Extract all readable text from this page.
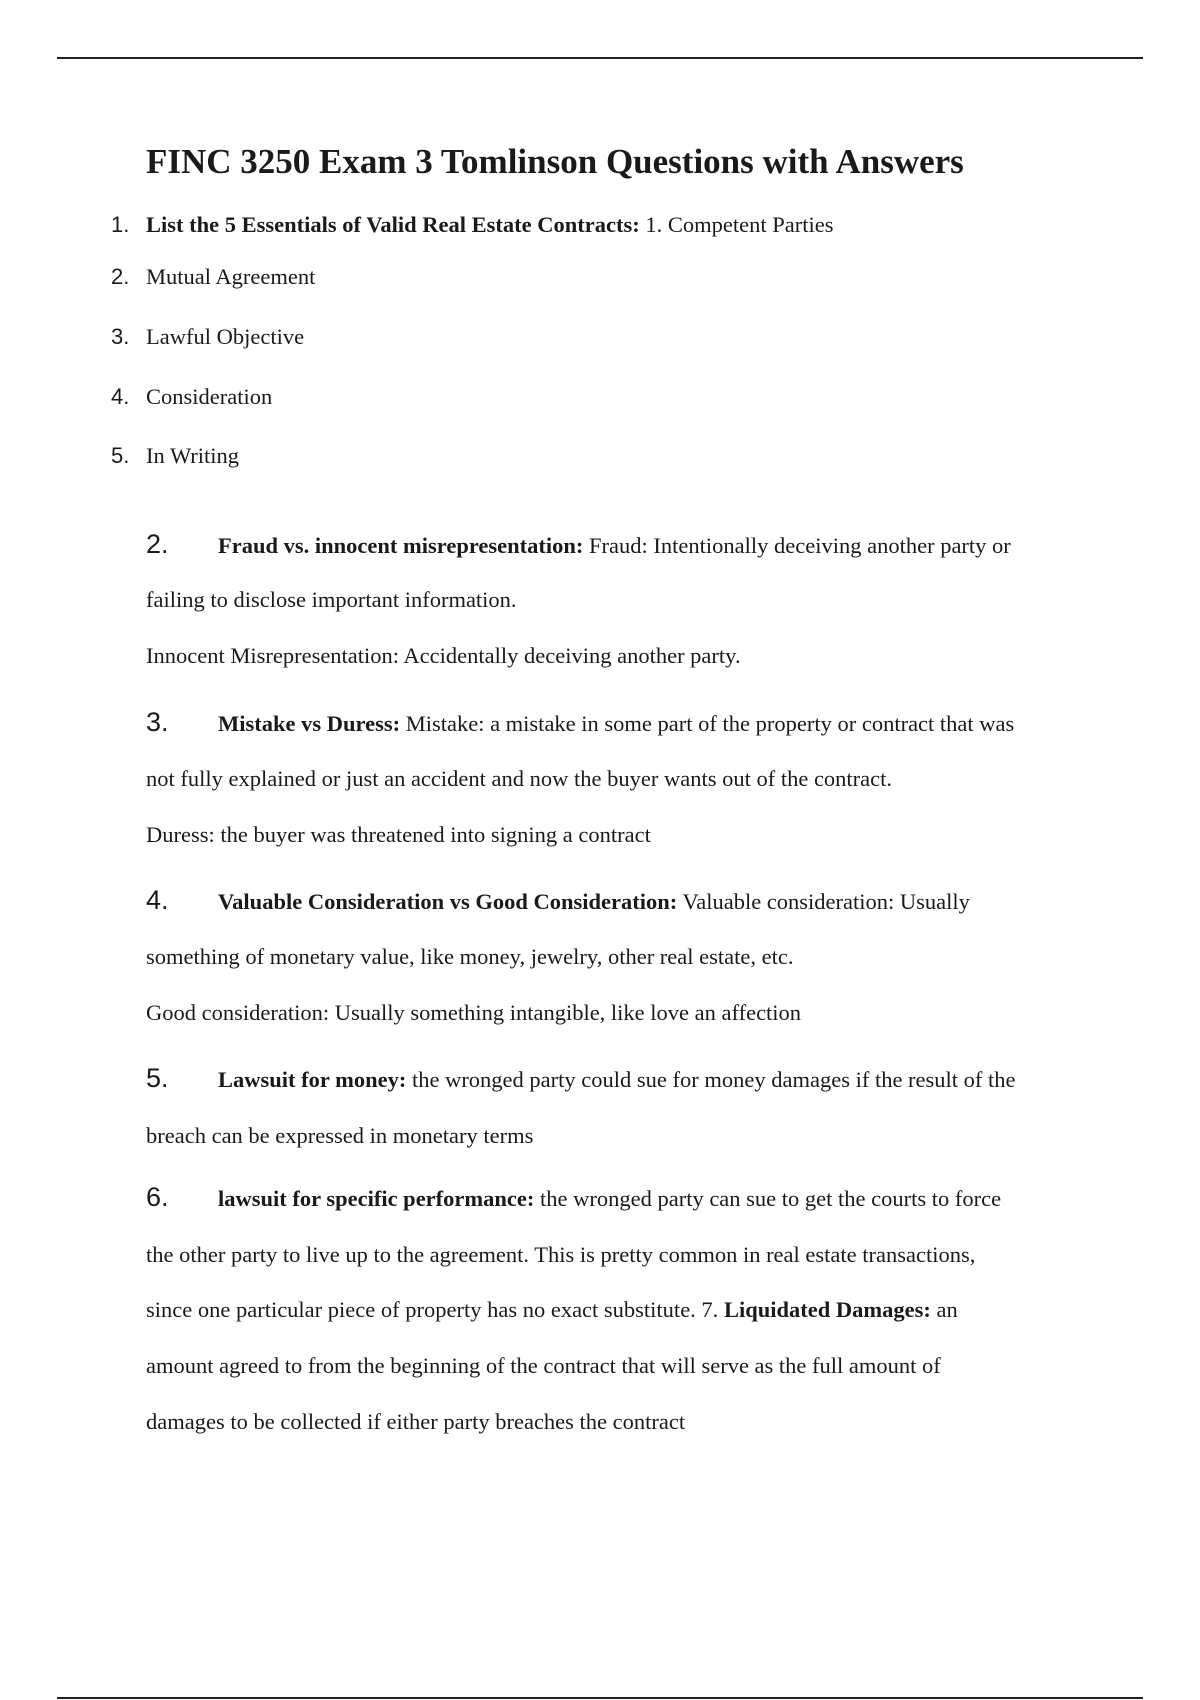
FINC 3250 Exam 3 Tomlinson Questions with Answers
1. List the 5 Essentials of Valid Real Estate Contracts: 1. Competent Parties
2. Mutual Agreement
3. Lawful Objective
4. Consideration
5. In Writing
2. Fraud vs. innocent misrepresentation: Fraud: Intentionally deceiving another party or
failing to disclose important information.
Innocent Misrepresentation: Accidentally deceiving another party.
3. Mistake vs Duress: Mistake: a mistake in some part of the property or contract that was
not fully explained or just an accident and now the buyer wants out of the contract.
Duress: the buyer was threatened into signing a contract
4. Valuable Consideration vs Good Consideration: Valuable consideration: Usually
something of monetary value, like money, jewelry, other real estate, etc.
Good consideration: Usually something intangible, like love an affection
5. Lawsuit for money: the wronged party could sue for money damages if the result of the
breach can be expressed in monetary terms
6. lawsuit for specific performance: the wronged party can sue to get the courts to force
the other party to live up to the agreement. This is pretty common in real estate transactions,
since one particular piece of property has no exact substitute. 7. Liquidated Damages: an
amount agreed to from the beginning of the contract that will serve as the full amount of
damages to be collected if either party breaches the contract
